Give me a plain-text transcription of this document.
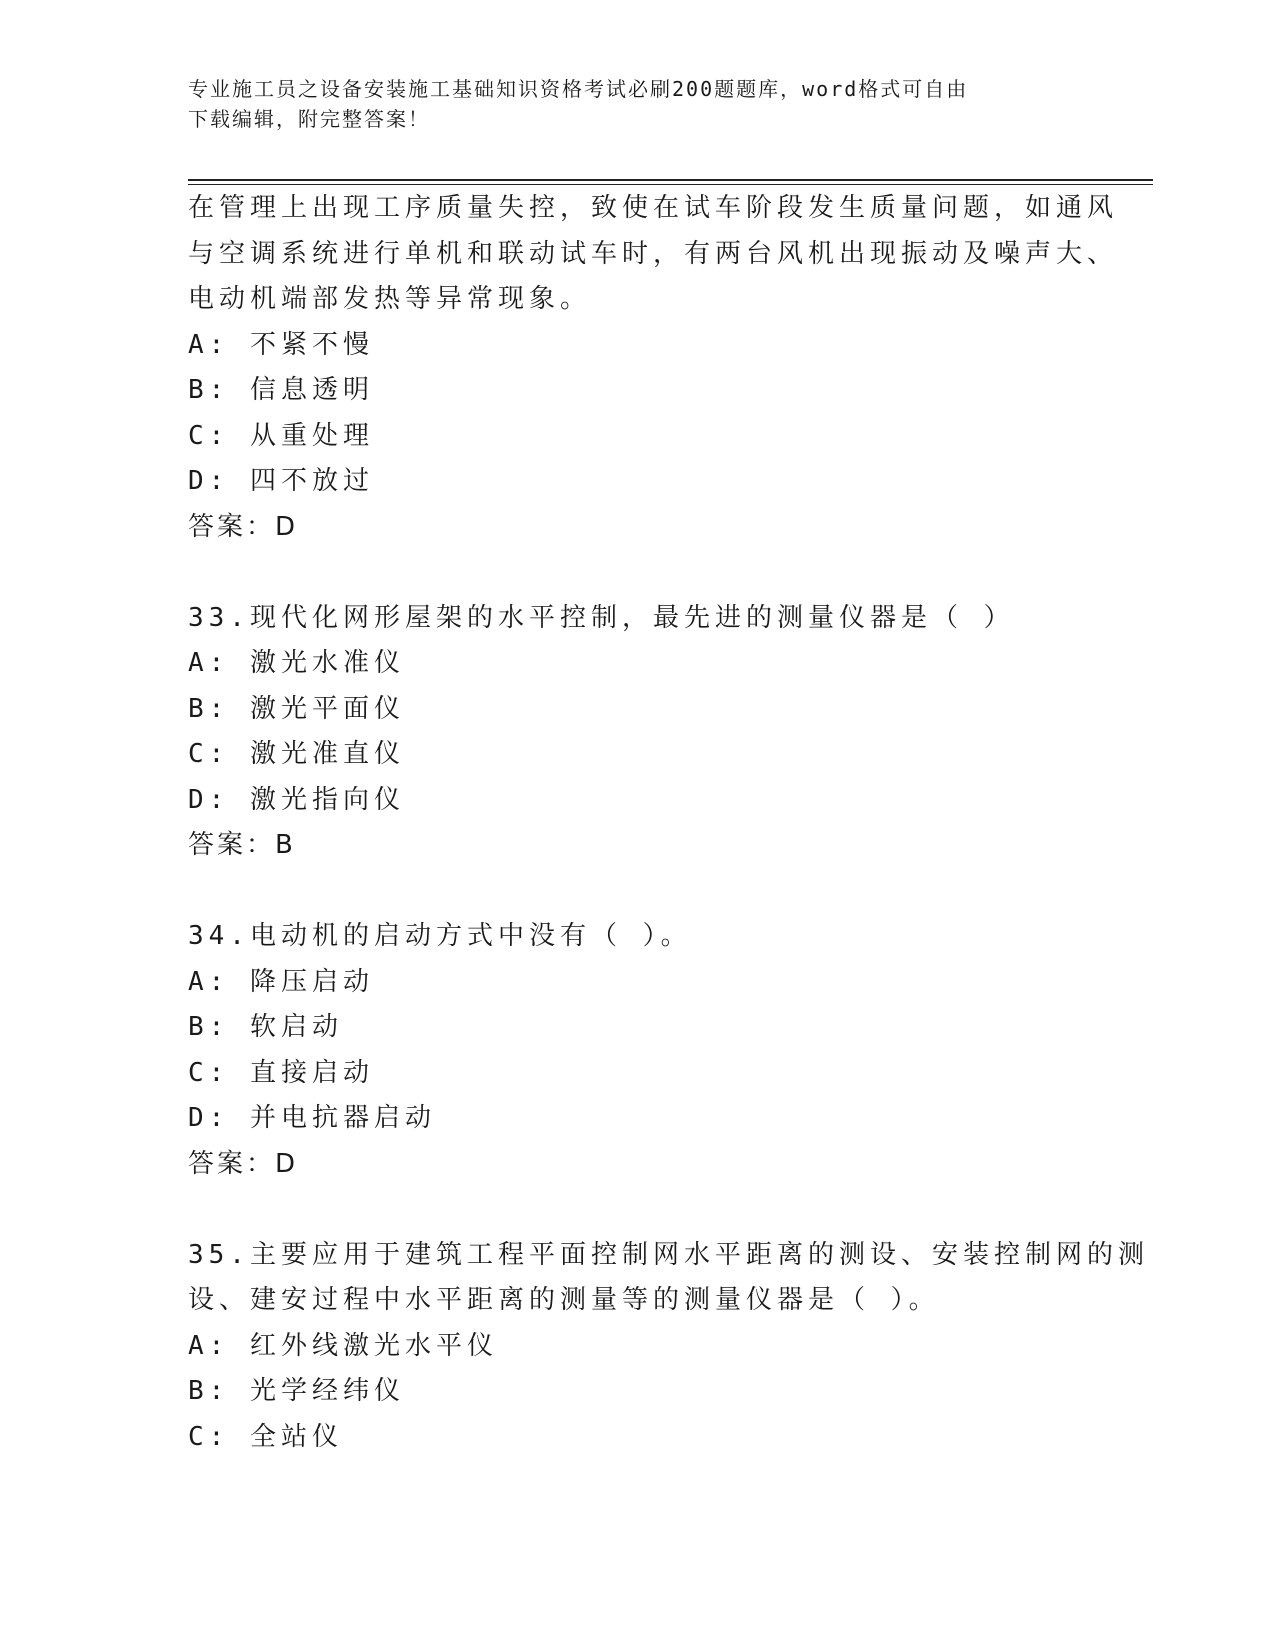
专业施工员之设备安装施工基础知识资格考试必刷200题题库，word格式可自由
下载编辑，附完整答案！
在管理上出现工序质量失控，致使在试车阶段发生质量问题，如通风
与空调系统进行单机和联动试车时，有两台风机出现振动及噪声大、
电动机端部发热等异常现象。
A: 不紧不慢
B: 信息透明
C: 从重处理
D: 四不放过
答案：D
33.现代化网形屋架的水平控制，最先进的测量仪器是（ ）
A: 激光水准仪
B: 激光平面仪
C: 激光准直仪
D: 激光指向仪
答案：B
34.电动机的启动方式中没有（ ）。
A: 降压启动
B: 软启动
C: 直接启动
D: 并电抗器启动
答案：D
35.主要应用于建筑工程平面控制网水平距离的测设、安装控制网的测
设、建安过程中水平距离的测量等的测量仪器是（ ）。
A: 红外线激光水平仪
B: 光学经纬仪
C: 全站仪
